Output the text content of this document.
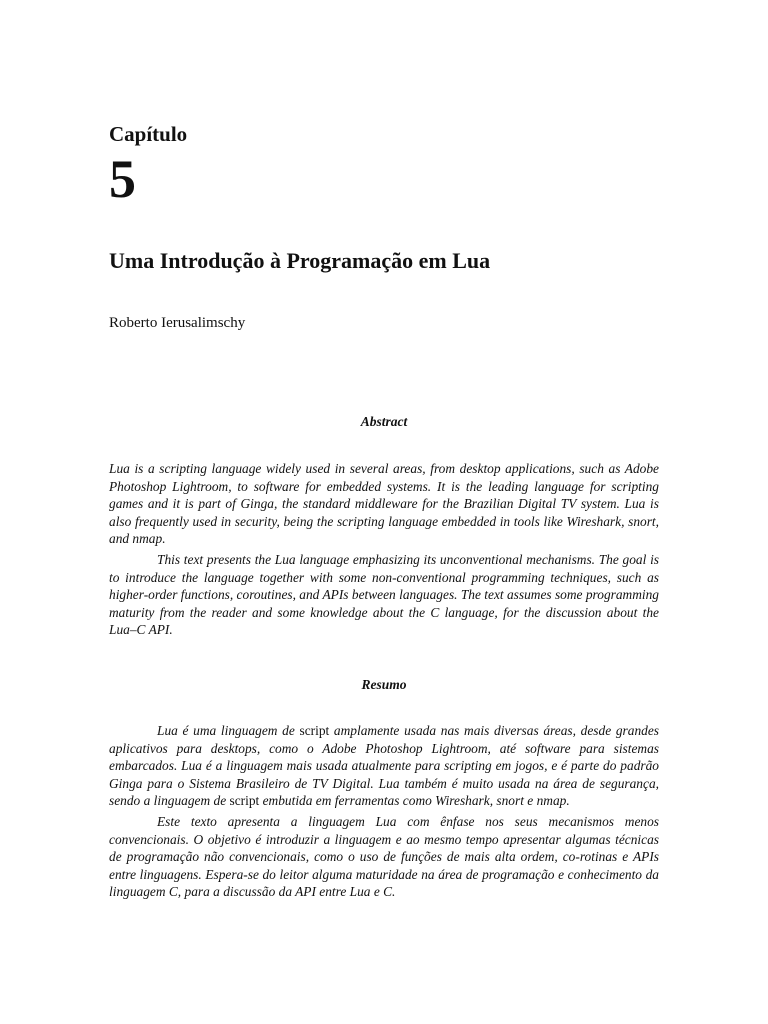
Capítulo
5
Uma Introdução à Programação em Lua
Roberto Ierusalimschy
Abstract

Lua is a scripting language widely used in several areas, from desktop applications, such as Adobe Photoshop Lightroom, to software for embedded systems. It is the leading language for scripting games and it is part of Ginga, the standard middleware for the Brazilian Digital TV system. Lua is also frequently used in security, being the scripting language embedded in tools like Wireshark, snort, and nmap.

This text presents the Lua language emphasizing its unconventional mechanisms. The goal is to introduce the language together with some non-conventional programming techniques, such as higher-order functions, coroutines, and APIs between languages. The text assumes some programming maturity from the reader and some knowledge about the C language, for the discussion about the Lua–C API.

Resumo

Lua é uma linguagem de script amplamente usada nas mais diversas áreas, desde grandes aplicativos para desktops, como o Adobe Photoshop Lightroom, até software para sistemas embarcados. Lua é a linguagem mais usada atualmente para scripting em jogos, e é parte do padrão Ginga para o Sistema Brasileiro de TV Digital. Lua também é muito usada na área de segurança, sendo a linguagem de script embutida em ferramentas como Wireshark, snort e nmap.

Este texto apresenta a linguagem Lua com ênfase nos seus mecanismos menos convencionais. O objetivo é introduzir a linguagem e ao mesmo tempo apresentar algumas técnicas de programação não convencionais, como o uso de funções de mais alta ordem, co-rotinas e APIs entre linguagens. Espera-se do leitor alguma maturidade na área de programação e conhecimento da linguagem C, para a discussão da API entre Lua e C.
